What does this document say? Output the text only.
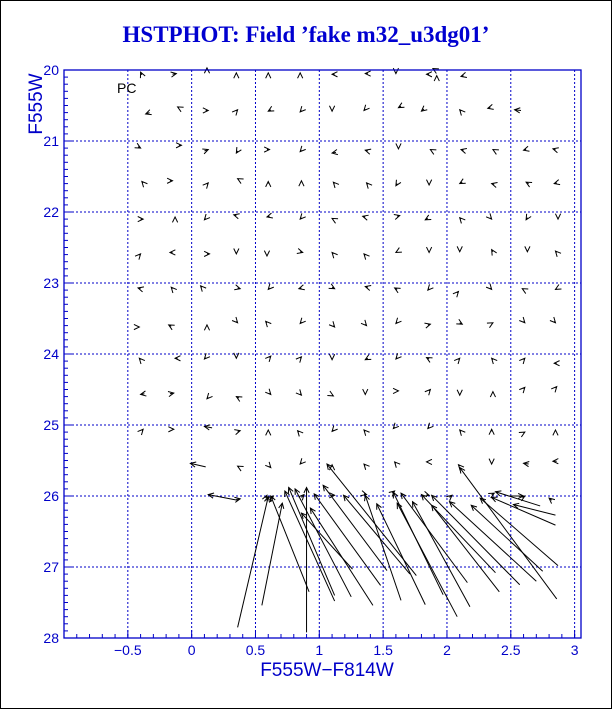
HSTPHOT: Field ’fake m32_u3dg01’
−0.5	0	0.5	1	1.5	2	2.5	3
20
21
22
23
24
25
26
27
28
PC
F555W−F814W
F555W
